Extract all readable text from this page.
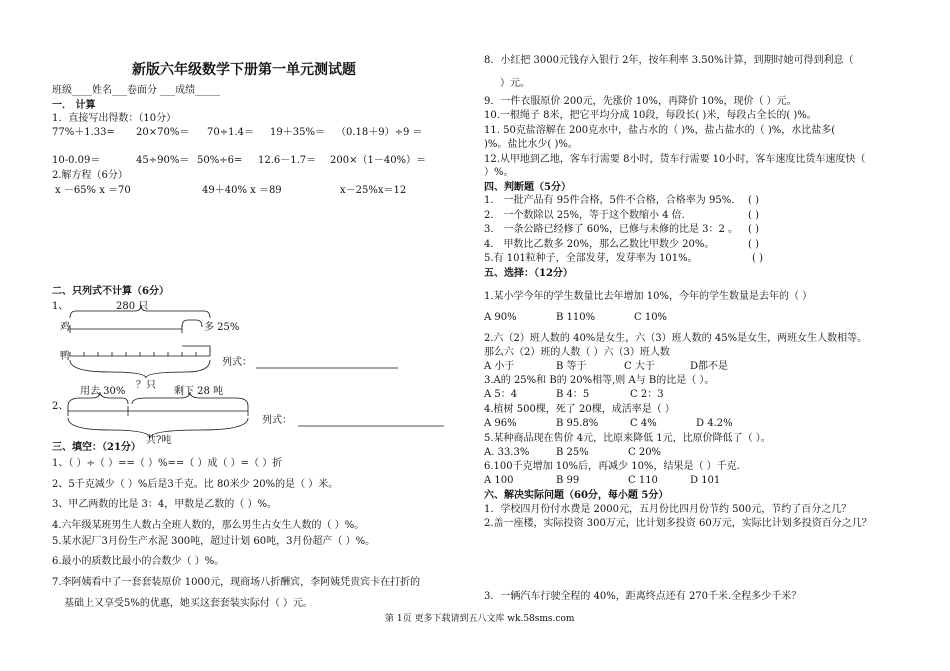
新版六年级数学下册第一单元测试题
班级____姓名___卷面分 ___成绩_____
一． 计算
1．直接写出得数：（10分）
77%＋1.33= 20×70%＝ 70÷1.4＝ 19＋35%＝ （0.18＋9）÷9 ＝
10-0.09＝	45÷90%＝ 50%÷6= 12.6－1.7＝ 200×（1－40%）＝
2.解方程（6分）
x －65% x ＝70	49＋40% x ＝89	x－25%x＝12
二、只列式不计算（6分）
1、	280 只
鸡	多 25%
鸭
？只
列式：
2、
用去 30%	剩下 28 吨
共?吨
列式：
三、填空：（21分）
1、（ ）÷（ ）==（ ）%==（ ）成（ ）=（ ）折
2、5千克减少（ ）%后是3千克。比 80米少 20%的是（ ）米。
3、甲乙两数的比是 3：4，甲数是乙数的（ ）%。
4.六年级某班男生人数占全班人数的，那么男生占女生人数的（ ）%。
5.某水泥厂3月份生产水泥 300吨，超过计划 60吨，3月份超产（ ）%。
6.最小的质数比最小的合数少（ ）%。
7.李阿姨看中了一套套装原价 1000元，现商场八折酬宾，李阿姨凭贵宾卡在打折的
基础上又享受5%的优惠，她买这套套装实际付（ ）元。
8．小红把 3000元钱存入银行 2年，按年利率 3.50%计算，到期时她可得到利息（
）元。
9．一件衣服原价 200元，先涨价 10%，再降价 10%，现价（ ）元。
10.一根绳子 8米，把它平均分成 10段，每段长( )米，每段占全长的( )%。
11. 50克盐溶解在 200克水中，盐占水的（ )%，盐占盐水的（ )%，水比盐多(
)%。盐比水少( )%。
12.从甲地到乙地，客车行需要 8小时，货车行需要 10小时，客车速度比货车速度快（
）%。
四、判断题（5分）
1． 一批产品有 95件合格，5件不合格，合格率为 95%.
2． 一个数除以 25%，等于这个数缩小 4 倍.
3． 一条公路已经修了 60%，已修与未修的比是 3：2 。
4． 甲数比乙数多 20%，那么乙数比甲数少 20%。
5.有 101粒种子，全部发芽，发芽率为 101%。
( )
( )
( )
( )
( )
五、选择：（12分）
1.某小学今年的学生数量比去年增加 10%，今年的学生数量是去年的（ ）
A 90%	B 110%	C 10%
2.六（2）班人数的 40%是女生，六（3）班人数的 45%是女生，两班女生人数相等。
那么六（2）班的人数（ ）六（3）班人数
A 小于	B 等于	C 大于	D都不是
3.A的 25%和 B的 20%相等,则 A与 B的比是（ ）。
A 5：4	B 4：5	C 2：3
4.植树 500棵，死了 20棵，成活率是（ ）
A 96%	B 95.8%	C 4%	D 4.2%
5.某种商品现在售价 4元，比原来降低 1元，比原价降低了（ ）。
A. 33.3%	B 25%	C 20%
6.100千克增加 10%后，再减少 10%，结果是（ ）千克.
A 100	B 99	C 110	D 101
六、解决实际问题（60分，每小题 5分）
1．学校四月份付水费是 2000元，五月份比四月份节约 500元，节约了百分之几？
2.盖一座楼，实际投资 300万元，比计划多投资 60万元，实际比计划多投资百分之几？
3．一辆汽车行驶全程的 40%，距离终点还有 270千米.全程多少千米？
第 1页 更多下载请到五八文库 wk.58sms.com
